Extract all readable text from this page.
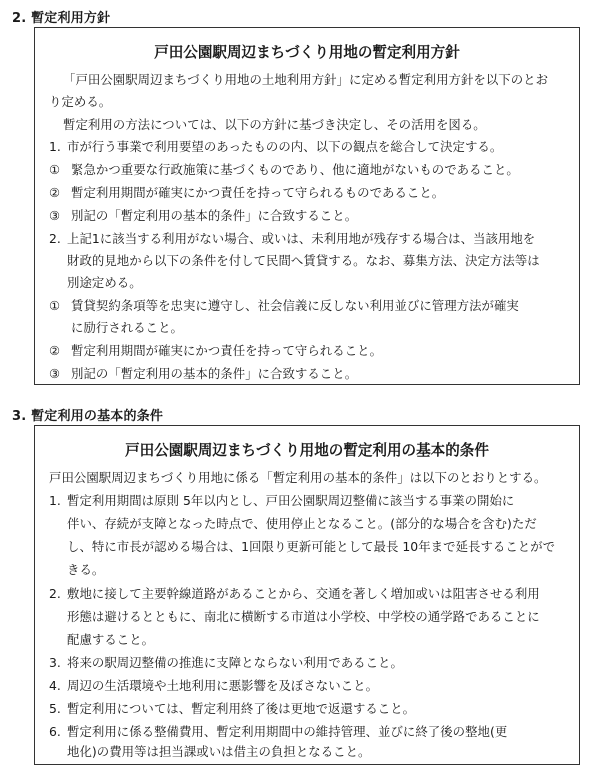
2. 暫定利用方針
戸田公園駅周辺まちづくり用地の暫定利用方針
「戸田公園駅周辺まちづくり用地の土地利用方針」に定める暫定利用方針を以下のとお
り定める。
暫定利用の方法については、以下の方針に基づき決定し、その活用を図る。
1. 市が行う事業で利用要望のあったものの内、以下の観点を総合して決定する。
① 緊急かつ重要な行政施策に基づくものであり、他に適地がないものであること。
② 暫定利用期間が確実にかつ責任を持って守られるものであること。
③ 別記の「暫定利用の基本的条件」に合致すること。
2. 上記1に該当する利用がない場合、或いは、未利用地が残存する場合は、当該用地を
財政的見地から以下の条件を付して民間へ賃貸する。なお、募集方法、決定方法等は
別途定める。
① 賃貸契約条項等を忠実に遵守し、社会信義に反しない利用並びに管理方法が確実
に励行されること。
② 暫定利用期間が確実にかつ責任を持って守られること。
③ 別記の「暫定利用の基本的条件」に合致すること。
3. 暫定利用の基本的条件
戸田公園駅周辺まちづくり用地の暫定利用の基本的条件
戸田公園駅周辺まちづくり用地に係る「暫定利用の基本的条件」は以下のとおりとする。
1. 暫定利用期間は原則 5年以内とし、戸田公園駅周辺整備に該当する事業の開始に
伴い、存続が支障となった時点で、使用停止となること。(部分的な場合を含む)ただ
し、特に市長が認める場合は、1回限り更新可能として最長 10年まで延長することがで
きる。
2. 敷地に接して主要幹線道路があることから、交通を著しく増加或いは阻害させる利用
形態は避けるとともに、南北に横断する市道は小学校、中学校の通学路であることに
配慮すること。
3. 将来の駅周辺整備の推進に支障とならない利用であること。
4. 周辺の生活環境や土地利用に悪影響を及ぼさないこと。
5. 暫定利用については、暫定利用終了後は更地で返還すること。
6. 暫定利用に係る整備費用、暫定利用期間中の維持管理、並びに終了後の整地(更
地化)の費用等は担当課或いは借主の負担となること。
